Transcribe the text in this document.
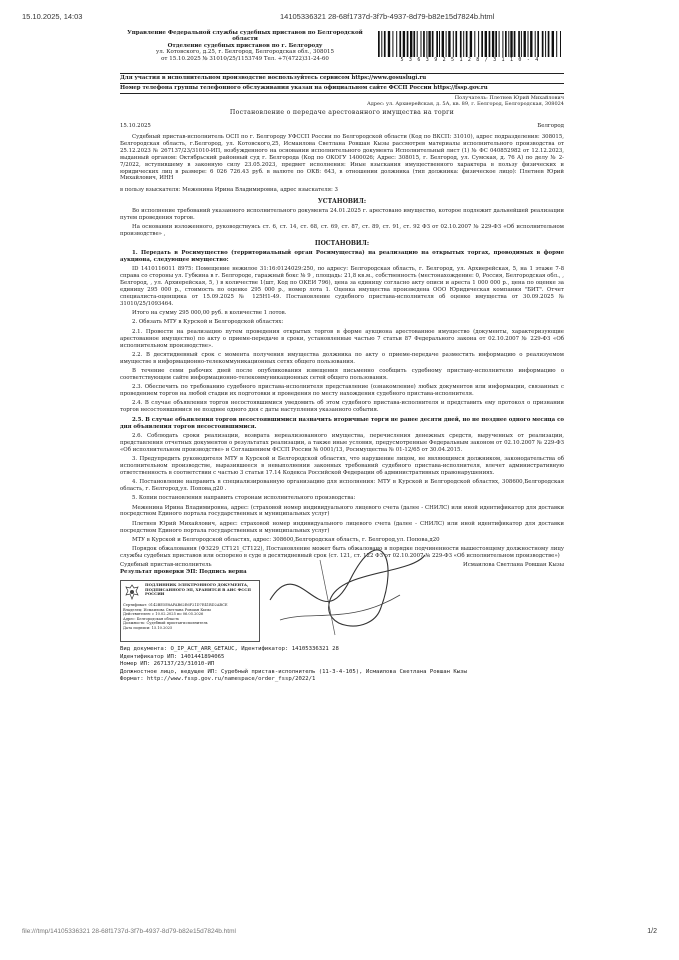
15.10.2025, 14:03	14105336321 28-68f1737d-3f7b-4937-8d79-b82e15d7824b.html
Управление Федеральной службы судебных приставов по Белгородской
области
Отделение судебных приставов по г. Белгороду
ул. Котовского, д.25, г. Белгород, Белгородская обл., 308015
от 15.10.2025 № 31010/25/1153749 Тел. +7(4722)31-24-60	5 3 6 3 9 2 5 1 2 8 / 3 1 1 0 - 4
Для участия в исполнительном производстве воспользуйтесь сервисом https://www.gosuslugi.ru
Номер телефона группы телефонного обслуживания указан на официальном сайте ФССП России https://fssp.gov.ru
Получатель: Плетнев Юрий Михайлович
Адрес: ул. Архиерейская, д. 5А, кв. 89, г. Белгород, Белгородская, 308024
Постановление о передаче арестованного имущества на торги
15.10.2025	Белгород
Судебный пристав-исполнитель ОСП по г. Белгороду УФССП России по Белгородской области (Код по ВКСП: 31010), адрес подразделения: 308015, Белгородская область, г.Белгород, ул. Котовского,25, Исмаилова Светлана Ровшан Кызы рассмотрев материалы исполнительного производства от 25.12.2023 № 267137/23/31010-ИП, возбужденного на основании исполнительного документа Исполнительный лист (1) № ФС 040852982 от 12.12.2023, выданный органом: Октябрьский районный суд г. Белгорода (Код по ОКОГУ 1400026; Адрес: 308015, г. Белгород, ул. Сумская, д. 76 А) по делу № 2-7/2022, вступившему в законную силу 23.05.2023, предмет исполнения: Иные взыскания имущественного характера в пользу физических и юридических лиц в размере: 6 026 726.43 руб. в валюте по ОКВ: 643, в отношении должника (тип должника: физическое лицо): Плетнев Юрий Михайлович, ИНН
в пользу взыскателя: Меженина Ирина Владимировна, адрес взыскателя: 3
УСТАНОВИЛ:
Во исполнение требований указанного исполнительного документа 24.01.2025 г. арестовано имущество, которое подлежит дальнейшей реализации путем проведения торгов.
На основании изложенного, руководствуясь ст. 6, ст. 14, ст. 68, ст. 69, ст. 87, ст. 89, ст. 91, ст. 92 ФЗ от 02.10.2007 № 229-ФЗ «Об исполнительном производстве» ,
ПОСТАНОВИЛ:
1. Передать в Росимущество (территориальный орган Росимущества) на реализацию на открытых торгах, проводимых в форме аукциона, следующее имущество:
ID 1410116011 8975: Помещение нежилое 31:16:0124029:250, по адресу: Белгородская область, г. Белгород, ул. Архиерейская, 5, на 1 этаже 7-8 справа со стороны ул. Губкина в г. Белгороде, гаражный бокс № 9 , площадь: 21,8 кв.м., собственность (местонахождение: 0, Россия, Белгородская обл., , Белгород, , ул. Архиерейская, 5, ) в количестве 1(шт, Код по ОКЕИ 796), цена за единицу согласно акту описи и ареста 1 000 000 р., цена по оценке за единицу 295 000 р., стоимость по оценке 295 000 р., номер лота 1. Оценка имущества произведена ООО Юридическая компания "БИТ". Отчет специалиста-оценщика от 15.09.2025 № 125Н1-49. Постановление судебного пристава-исполнителя об оценке имущества от 30.09.2025 № 31010/25/1093464.
Итого на сумму 295 000,00 руб. в количестве 1 лотов.
2. Обязать МТУ в Курской и Белгородской областях:
2.1. Провести на реализацию путем проведения открытых торгов в форме аукциона арестованное имущество (документы, характеризующие арестованное имущество) по акту о приеме-передаче в сроки, установленные частью 7 статьи 87 Федерального закона от 02.10.2007 № 229-ФЗ «Об исполнительном производстве».
2.2. В десятидневный срок с момента получения имущества должника по акту о приеме-передаче разместить информацию о реализуемом имуществе в информационно-телекоммуникационных сетях общего пользования.
В течение семи рабочих дней после опубликования извещения письменно сообщить судебному приставу-исполнителю информацию о соответствующем сайте информационно-телекоммуникационных сетей общего пользования.
2.3. Обеспечить по требованию судебного пристава-исполнителя представление (ознакомление) любых документов или информации, связанных с проведением торгов на любой стадии их подготовки и проведения по месту нахождения судебного пристава-исполнителя.
2.4. В случае объявления торгов несостоявшимися уведомить об этом судебного пристава-исполнителя и представить ему протокол о признании торгов несостоявшимися не позднее одного дня с даты наступления указанного события.
2.5. В случае объявления торгов несостоявшимися назначить вторичные торги не ранее десяти дней, но не позднее одного месяца со дня объявления торгов несостоявшимися.
2.6. Соблюдать сроки реализации, возврата нереализованного имущества, перечисления денежных средств, вырученных от реализации, представления отчетных документов о результатах реализации, а также иные условия, предусмотренные Федеральным законом от 02.10.2007 № 229-ФЗ «Об исполнительном производстве» и Соглашением ФССП России № 0001/13, Росимущества № 01-12/65 от 30.04.2015.
3. Предупредить руководителя МТУ в Курской и Белгородской областях, что нарушение лицом, не являющимся должником, законодательства об исполнительном производстве, выразившееся в невыполнении законных требований судебного пристава-исполнителя, влечет административную ответственность в соответствии с частью 3 статьи 17.14 Кодекса Российской Федерации об административных правонарушениях.
4. Постановление направить в специализированную организацию для исполнения: МТУ в Курской и Белгородской областях, 308600,Белгородская область, г. Белгород,ул. Попова,д20 .
5. Копии постановления направить сторонам исполнительного производства:
Меженина Ирина Владимировна, адрес: (страховой номер индивидуального лицевого счета (далее - СНИЛС) или иной идентификатор для доставки посредством Единого портала государственных и муниципальных услуг)
Плетнев Юрий Михайлович, адрес: страховой номер индивидуального лицевого счета (далее - СНИЛС) или иной идентификатор для доставки посредством Единого портала государственных и муниципальных услуг)
МТУ в Курской и Белгородской областях, адрес: 308600,Белгородская область, г. Белгород,ул. Попова,д20
Порядок обжалования (ФЗ229_СТ121_СТ122), Постановление может быть обжаловано в порядке подчиненности вышестоящему должностному лицу службы судебных приставов или оспорено в суде в десятидневный срок (ст. 121, ст. 122 ФЗ от 02.10.2007 № 229-ФЗ «Об исполнительном производстве»)
Судебный пристав-исполнитель	Исмаилова Светлана Ровшан Кызы
Результат проверки ЭП: Подпись верна
ПОДЛИННИК ЭЛЕКТРОННОГО ДОКУМЕНТА, ПОДПИСАННОГО ЭП, ХРАНИТСЯ В АИС ФССП РОССИИ
Сертификат: 0142BE5E8AFAB62E6F21D7E41BD2ABCE
Владелец: Исмаилова Светлана Ровшан Кызы
Действителен: с 10.02.2025 по 06.05.2026
Адрес: Белгородская область
Должность: Судебный пристав-исполнитель
Дата подписи: 15.10.2025
Вид документа: O_IP_ACT_ARR_GETAUC, Идентификатор: 14105336321 28
Идентификатор ИП: 1401441894065
Номер ИП: 267137/23/31010-ИП
Должностное лицо, ведущее ИП: Судебный пристав-исполнитель (11-3-4-105), Исмаилова Светлана Ровшан Кызы
Формат: http://www.fssp.gov.ru/namespace/order_fssp/2022/1
file:///tmp/14105336321 28-68f1737d-3f7b-4937-8d79-b82e15d7824b.html	1/2
